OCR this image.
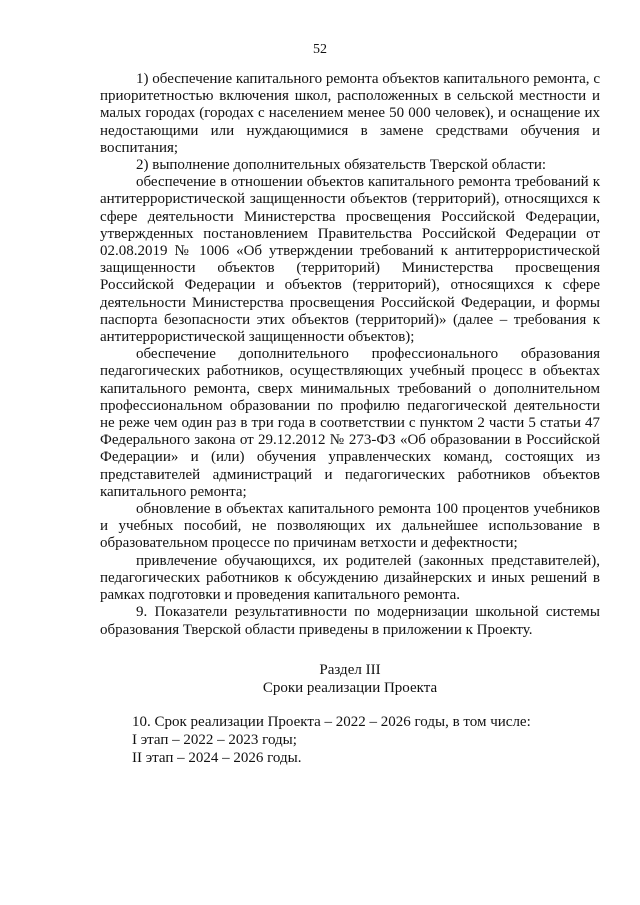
52

1) обеспечение капитального ремонта объектов капитального ремонта, с приоритетностью включения школ, расположенных в сельской местности и малых городах (городах с населением менее 50 000 человек), и оснащение их недостающими или нуждающимися в замене средствами обучения и воспитания;

2) выполнение дополнительных обязательств Тверской области:

обеспечение в отношении объектов капитального ремонта требований к антитеррористической защищенности объектов (территорий), относящихся к сфере деятельности Министерства просвещения Российской Федерации, утвержденных постановлением Правительства Российской Федерации от 02.08.2019 № 1006 «Об утверждении требований к антитеррористической защищенности объектов (территорий) Министерства просвещения Российской Федерации и объектов (территорий), относящихся к сфере деятельности Министерства просвещения Российской Федерации, и формы паспорта безопасности этих объектов (территорий)» (далее – требования к антитеррористической защищенности объектов);

обеспечение дополнительного профессионального образования педагогических работников, осуществляющих учебный процесс в объектах капитального ремонта, сверх минимальных требований о дополнительном профессиональном образовании по профилю педагогической деятельности не реже чем один раз в три года в соответствии с пунктом 2 части 5 статьи 47 Федерального закона от 29.12.2012 № 273-ФЗ «Об образовании в Российской Федерации» и (или) обучения управленческих команд, состоящих из представителей администраций и педагогических работников объектов капитального ремонта;

обновление в объектах капитального ремонта 100 процентов учебников и учебных пособий, не позволяющих их дальнейшее использование в образовательном процессе по причинам ветхости и дефектности;

привлечение обучающихся, их родителей (законных представителей), педагогических работников к обсуждению дизайнерских и иных решений в рамках подготовки и проведения капитального ремонта.

9. Показатели результативности по модернизации школьной системы образования Тверской области приведены в приложении к Проекту.

Раздел III
Сроки реализации Проекта

10. Срок реализации Проекта – 2022 – 2026 годы, в том числе:

I этап – 2022 – 2023 годы;

II этап – 2024 – 2026 годы.
